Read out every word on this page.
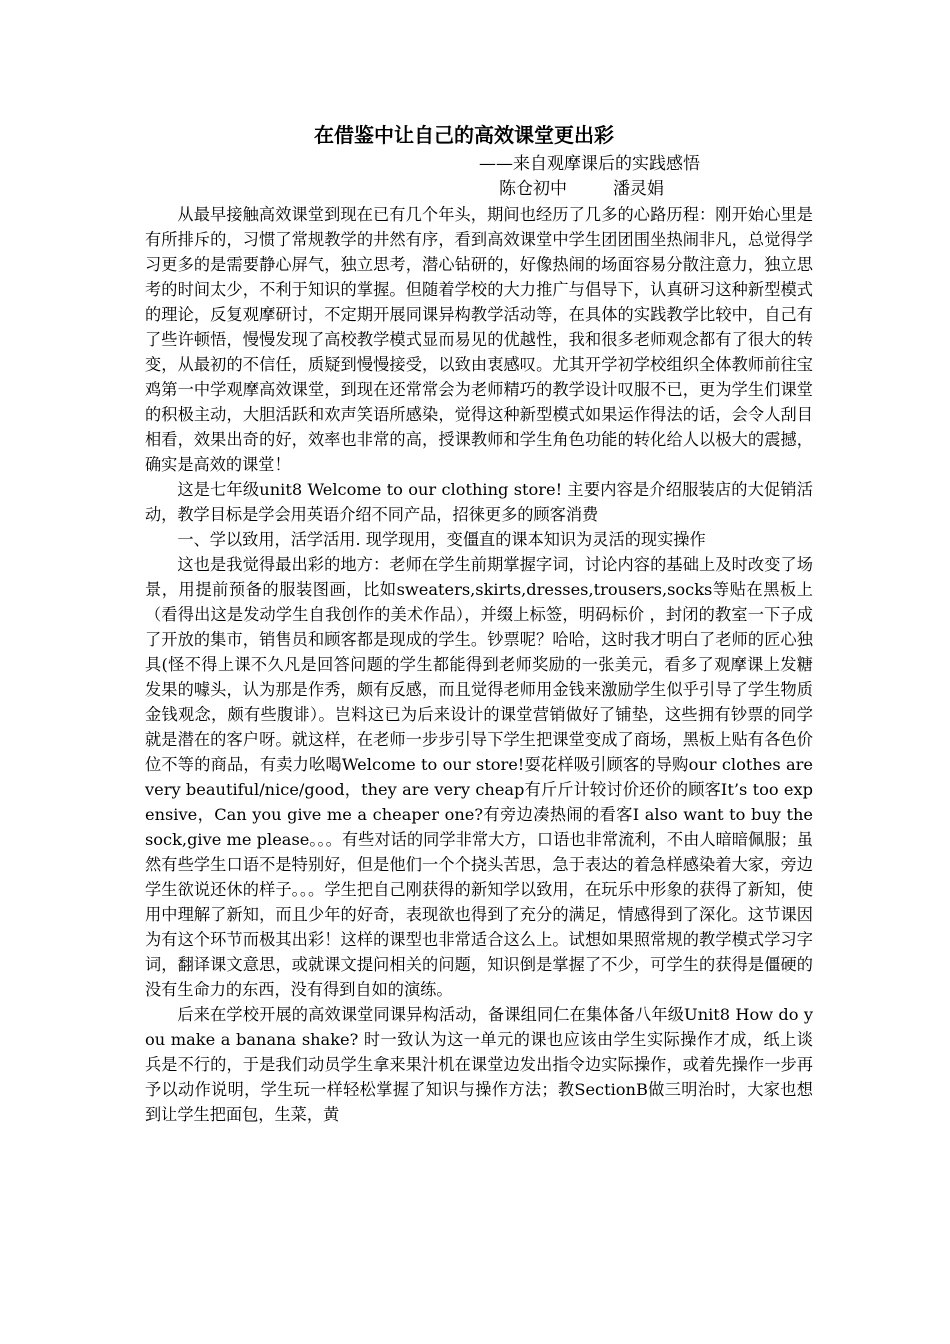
在借鉴中让自己的高效课堂更出彩

——来自观摩课后的实践感悟

陈仓初中	潘灵娟

从最早接触高效课堂到现在已有几个年头，期间也经历了几多的心路历程：刚开始心里是有所排斥的，习惯了常规教学的井然有序，看到高效课堂中学生团团围坐热闹非凡，总觉得学习更多的是需要静心屏气，独立思考，潜心钻研的，好像热闹的场面容易分散注意力，独立思考的时间太少，不利于知识的掌握。但随着学校的大力推广与倡导下，认真研习这种新型模式的理论，反复观摩研讨，不定期开展同课异构教学活动等，在具体的实践教学比较中，自己有了些许顿悟，慢慢发现了高校教学模式显而易见的优越性，我和很多老师观念都有了很大的转变，从最初的不信任，质疑到慢慢接受，以致由衷感叹。尤其开学初学校组织全体教师前往宝鸡第一中学观摩高效课堂，到现在还常常会为老师精巧的教学设计叹服不已，更为学生们课堂的积极主动，大胆活跃和欢声笑语所感染，觉得这种新型模式如果运作得法的话，会令人刮目相看，效果出奇的好，效率也非常的高，授课教师和学生角色功能的转化给人以极大的震撼，确实是高效的课堂！

这是七年级unit8 Welcome to our clothing store! 主要内容是介绍服装店的大促销活动，教学目标是学会用英语介绍不同产品，招徕更多的顾客消费

一、学以致用，活学活用. 现学现用，变僵直的课本知识为灵活的现实操作

这也是我觉得最出彩的地方：老师在学生前期掌握字词，讨论内容的基础上及时改变了场景，用提前预备的服装图画，比如sweaters,skirts,dresses,trousers,socks等贴在黑板上（看得出这是发动学生自我创作的美术作品），并缀上标签，明码标价 ，封闭的教室一下子成了开放的集市，销售员和顾客都是现成的学生。钞票呢？哈哈，这时我才明白了老师的匠心独具(怪不得上课不久凡是回答问题的学生都能得到老师奖励的一张美元，看多了观摩课上发糖发果的噱头，认为那是作秀，颇有反感，而且觉得老师用金钱来激励学生似乎引导了学生物质金钱观念，颇有些腹诽）。岂料这已为后来设计的课堂营销做好了铺垫，这些拥有钞票的同学就是潜在的客户呀。就这样，在老师一步步引导下学生把课堂变成了商场，黑板上贴有各色价位不等的商品，有卖力吆喝Welcome to our store!耍花样吸引顾客的导购our clothes are very beautiful/nice/good，they are very cheap有斤斤计较讨价还价的顾客It’s too expensive，Can you give me a cheaper one?有旁边凑热闹的看客I also want to buy the sock,give me please。。。有些对话的同学非常大方，口语也非常流利，不由人暗暗佩服；虽然有些学生口语不是特别好，但是他们一个个挠头苦思，急于表达的着急样感染着大家，旁边学生欲说还休的样子。。。学生把自己刚获得的新知学以致用，在玩乐中形象的获得了新知，使用中理解了新知，而且少年的好奇，表现欲也得到了充分的满足，情感得到了深化。这节课因为有这个环节而极其出彩！这样的课型也非常适合这么上。试想如果照常规的教学模式学习字词，翻译课文意思，或就课文提问相关的问题，知识倒是掌握了不少，可学生的获得是僵硬的没有生命力的东西，没有得到自如的演练。

后来在学校开展的高效课堂同课异构活动，备课组同仁在集体备八年级Unit8 How do you make a banana shake? 时一致认为这一单元的课也应该由学生实际操作才成，纸上谈兵是不行的，于是我们动员学生拿来果汁机在课堂边发出指令边实际操作，或着先操作一步再予以动作说明，学生玩一样轻松掌握了知识与操作方法；教SectionB做三明治时，大家也想到让学生把面包，生菜，黄
